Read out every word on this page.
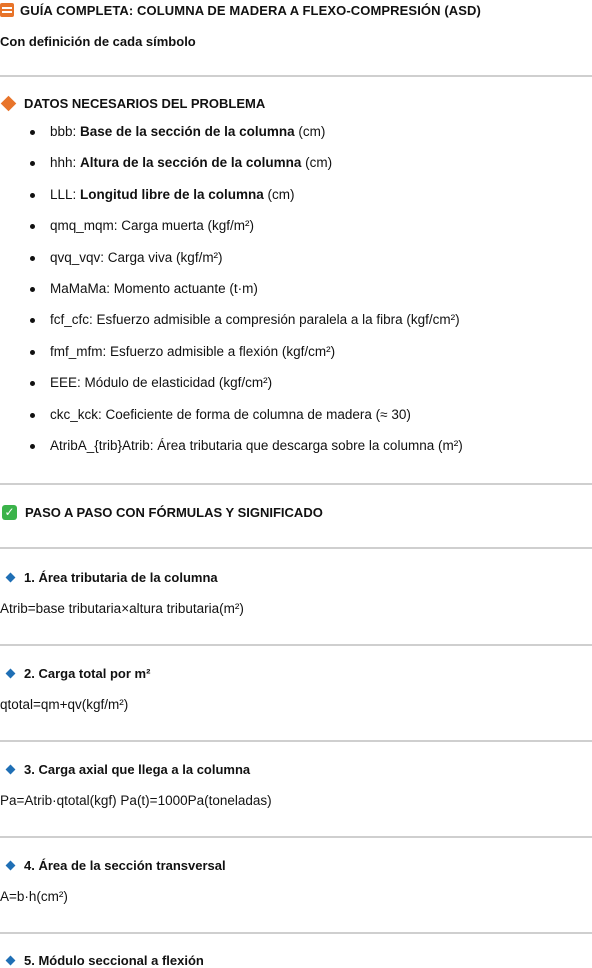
GUÍA COMPLETA: COLUMNA DE MADERA A FLEXO-COMPRESIÓN (ASD)
Con definición de cada símbolo
DATOS NECESARIOS DEL PROBLEMA
bbb: Base de la sección de la columna (cm)
hhh: Altura de la sección de la columna (cm)
LLL: Longitud libre de la columna (cm)
qmq_mqm: Carga muerta (kgf/m²)
qvq_vqv: Carga viva (kgf/m²)
MaMaMa: Momento actuante (t·m)
fcf_cfc: Esfuerzo admisible a compresión paralela a la fibra (kgf/cm²)
fmf_mfm: Esfuerzo admisible a flexión (kgf/cm²)
EEE: Módulo de elasticidad (kgf/cm²)
ckc_kck: Coeficiente de forma de columna de madera (≈ 30)
AtribA_{trib}Atrib: Área tributaria que descarga sobre la columna (m²)
✓ PASO A PASO CON FÓRMULAS Y SIGNIFICADO
1. Área tributaria de la columna
Atrib=base tributaria×altura tributaria(m²)
2. Carga total por m²
qtotal=qm+qv(kgf/m²)
3. Carga axial que llega a la columna
Pa=Atrib·qtotal(kgf) Pa(t)=1000Pa(toneladas)
4. Área de la sección transversal
A=b·h(cm²)
5. Módulo seccional a flexión
